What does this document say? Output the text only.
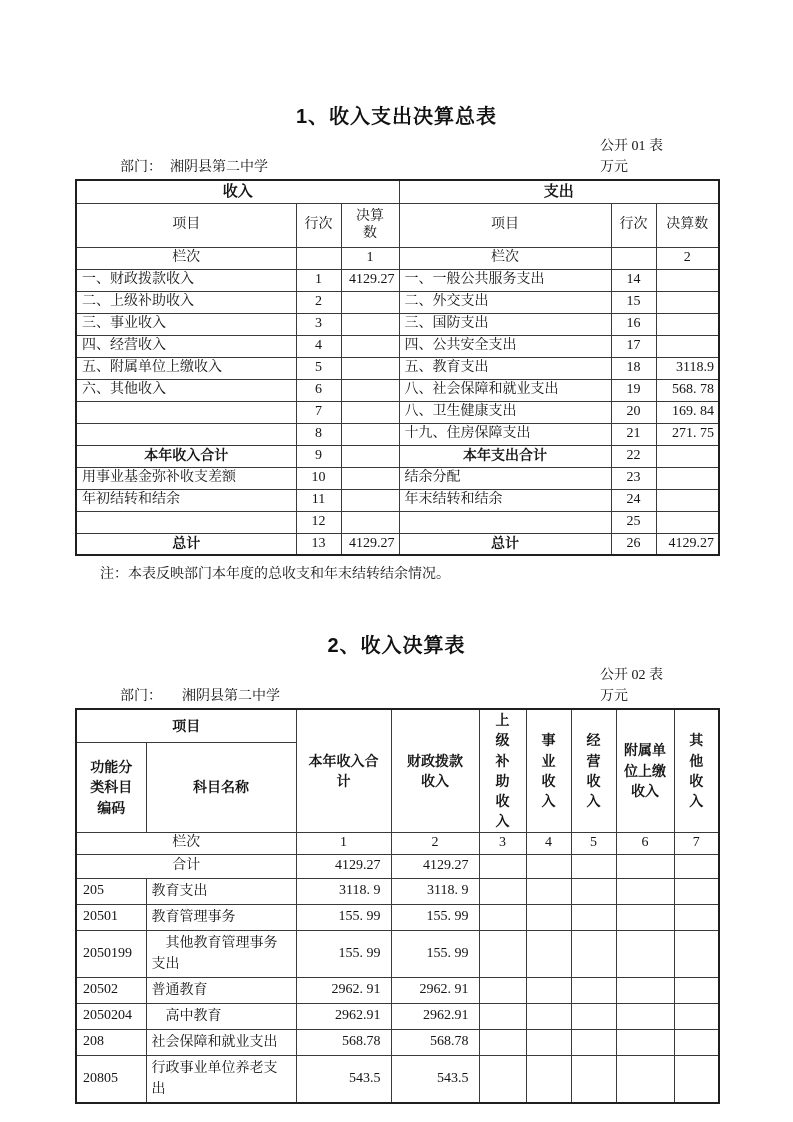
1、收入支出决算总表
公开 01 表
部门： 湘阴县第二中学	万元
收入			支出		
项目	行次	决算数	项目	行次	决算数
栏次		1	栏次		2
一、财政拨款收入	1	4129.27	一、一般公共服务支出	14	
二、上级补助收入	2		二、外交支出	15	
三、事业收入	3		三、国防支出	16	
四、经营收入	4		四、公共安全支出	17	
五、附属单位上缴收入	5		五、教育支出	18	3118.9
六、其他收入	6		八、社会保障和就业支出	19	568. 78
	7		八、卫生健康支出	20	169. 84
	8		十九、住房保障支出	21	271. 75
本年收入合计	9		本年支出合计	22	
用事业基金弥补收支差额	10		结余分配	23	
年初结转和结余	11		年末结转和结余	24	
	12			25	
总计	13	4129.27	总计	26	4129.27

注：本表反映部门本年度的总收支和年末结转结余情况。

2、收入决算表
公开 02 表
部门： 湘阴县第二中学	万元
项目		本年收入合计	财政拨款收入	上级补助收入	事业收入	经营收入	附属单位上缴收入	其他收入
功能分类科目编码	科目名称							
栏次		1	2	3	4	5	6	7
合计		4129.27	4129.27					
205	教育支出	3118. 9	3118. 9					
20501	教育管理事务	155. 99	155. 99					
2050199	　其他教育管理事务支出	155. 99	155. 99					
20502	普通教育	2962. 91	2962. 91					
2050204	　高中教育	2962.91	2962.91					
208	社会保障和就业支出	568.78	568.78					
20805	行政事业单位养老支出	543.5	543.5					
